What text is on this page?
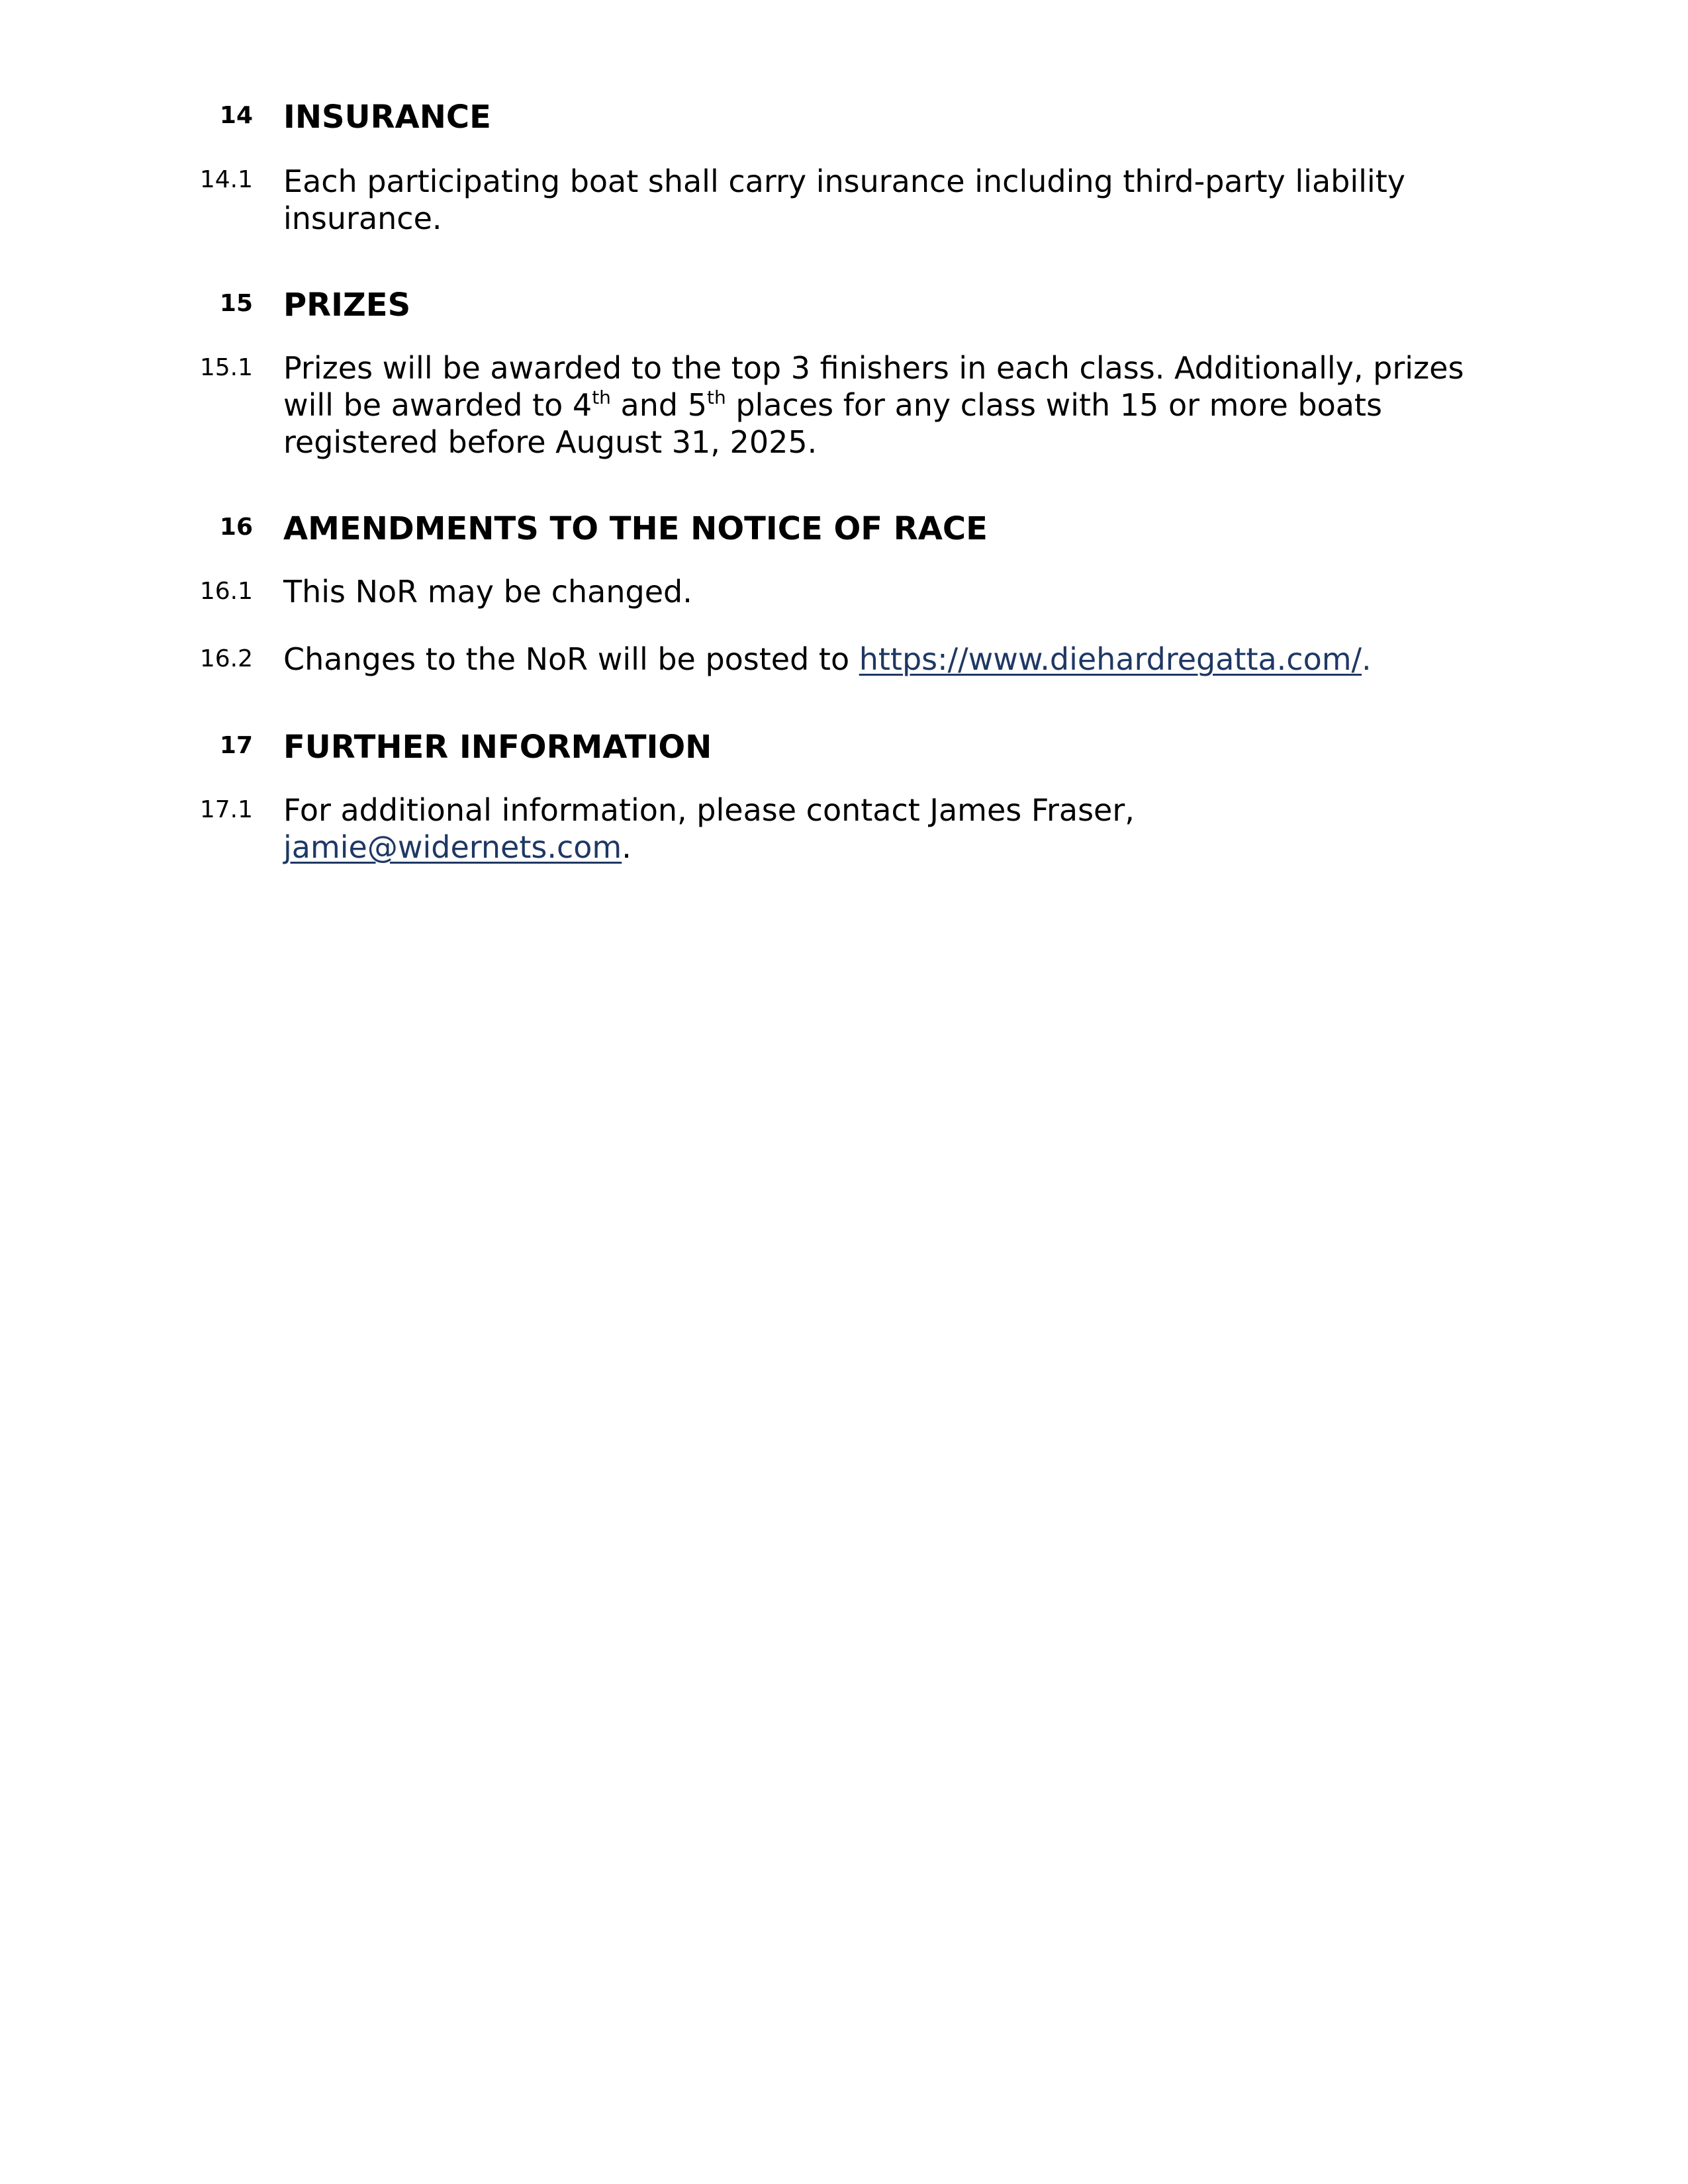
14 INSURANCE
14.1 Each participating boat shall carry insurance including third-party liability
insurance.
15 PRIZES
15.1 Prizes will be awarded to the top 3 finishers in each class. Additionally, prizes
will be awarded to 4th and 5th places for any class with 15 or more boats
registered before August 31, 2025.
16 AMENDMENTS TO THE NOTICE OF RACE
16.1 This NoR may be changed.
16.2 Changes to the NoR will be posted to https://www.diehardregatta.com/.
17 FURTHER INFORMATION
17.1 For additional information, please contact James Fraser,
jamie@widernets.com.
